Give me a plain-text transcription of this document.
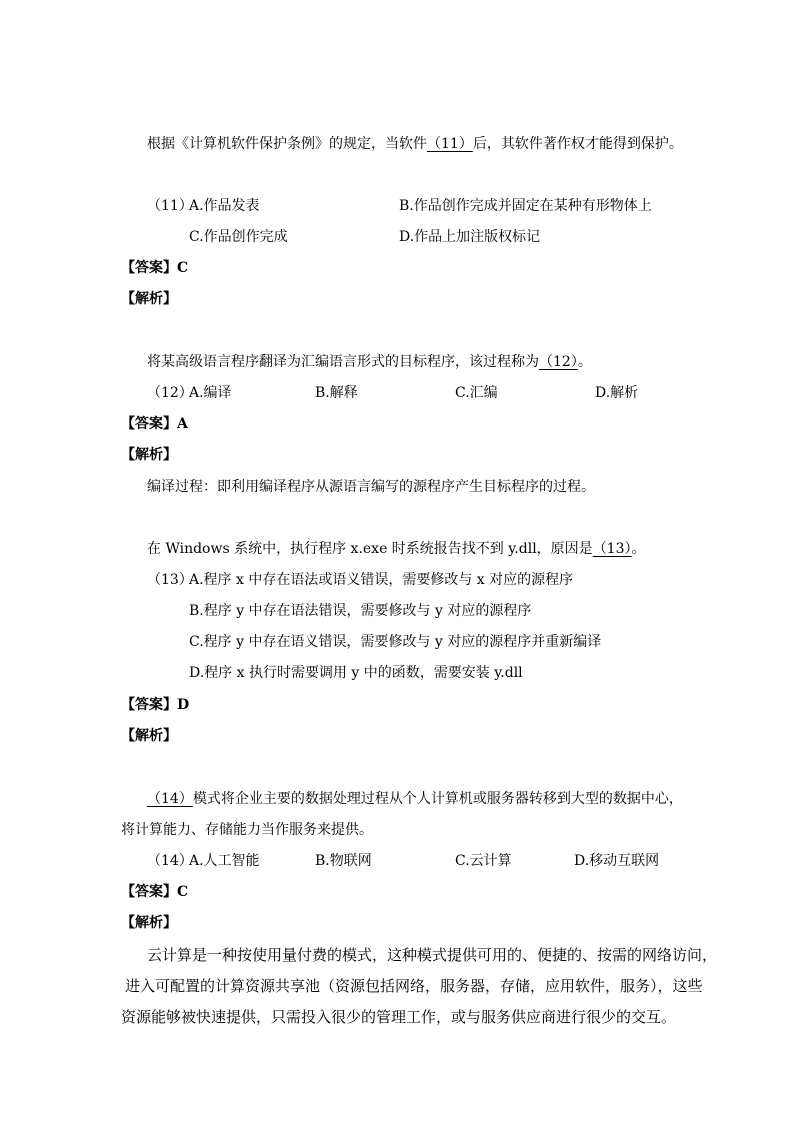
根据《计算机软件保护条例》的规定，当软件（11）后，其软件著作权才能得到保护。
（11）
A.作品发表	B.作品创作完成并固定在某种有形物体上
C.作品创作完成	D.作品上加注版权标记
【答案】C
【解析】
将某高级语言程序翻译为汇编语言形式的目标程序，该过程称为（12）。
（12）
A.编译	B.解释	C.汇编	D.解析
【答案】A
【解析】
编译过程：即利用编译程序从源语言编写的源程序产生目标程序的过程。
在 Windows 系统中，执行程序 x.exe 时系统报告找不到 y.dll，原因是（13）。
（13）
A.程序 x 中存在语法或语义错误，需要修改与 x 对应的源程序
B.程序 y 中存在语法错误，需要修改与 y 对应的源程序
C.程序 y 中存在语义错误，需要修改与 y 对应的源程序并重新编译
D.程序 x 执行时需要调用 y 中的函数，需要安装 y.dll
【答案】D
【解析】
（14）模式将企业主要的数据处理过程从个人计算机或服务器转移到大型的数据中心，
将计算能力、存储能力当作服务来提供。
（14）
A.人工智能	B.物联网	C.云计算	D.移动互联网
【答案】C
【解析】
云计算是一种按使用量付费的模式，这种模式提供可用的、便捷的、按需的网络访问，
进入可配置的计算资源共享池（资源包括网络，服务器，存储，应用软件，服务），这些
资源能够被快速提供，只需投入很少的管理工作，或与服务供应商进行很少的交互。
